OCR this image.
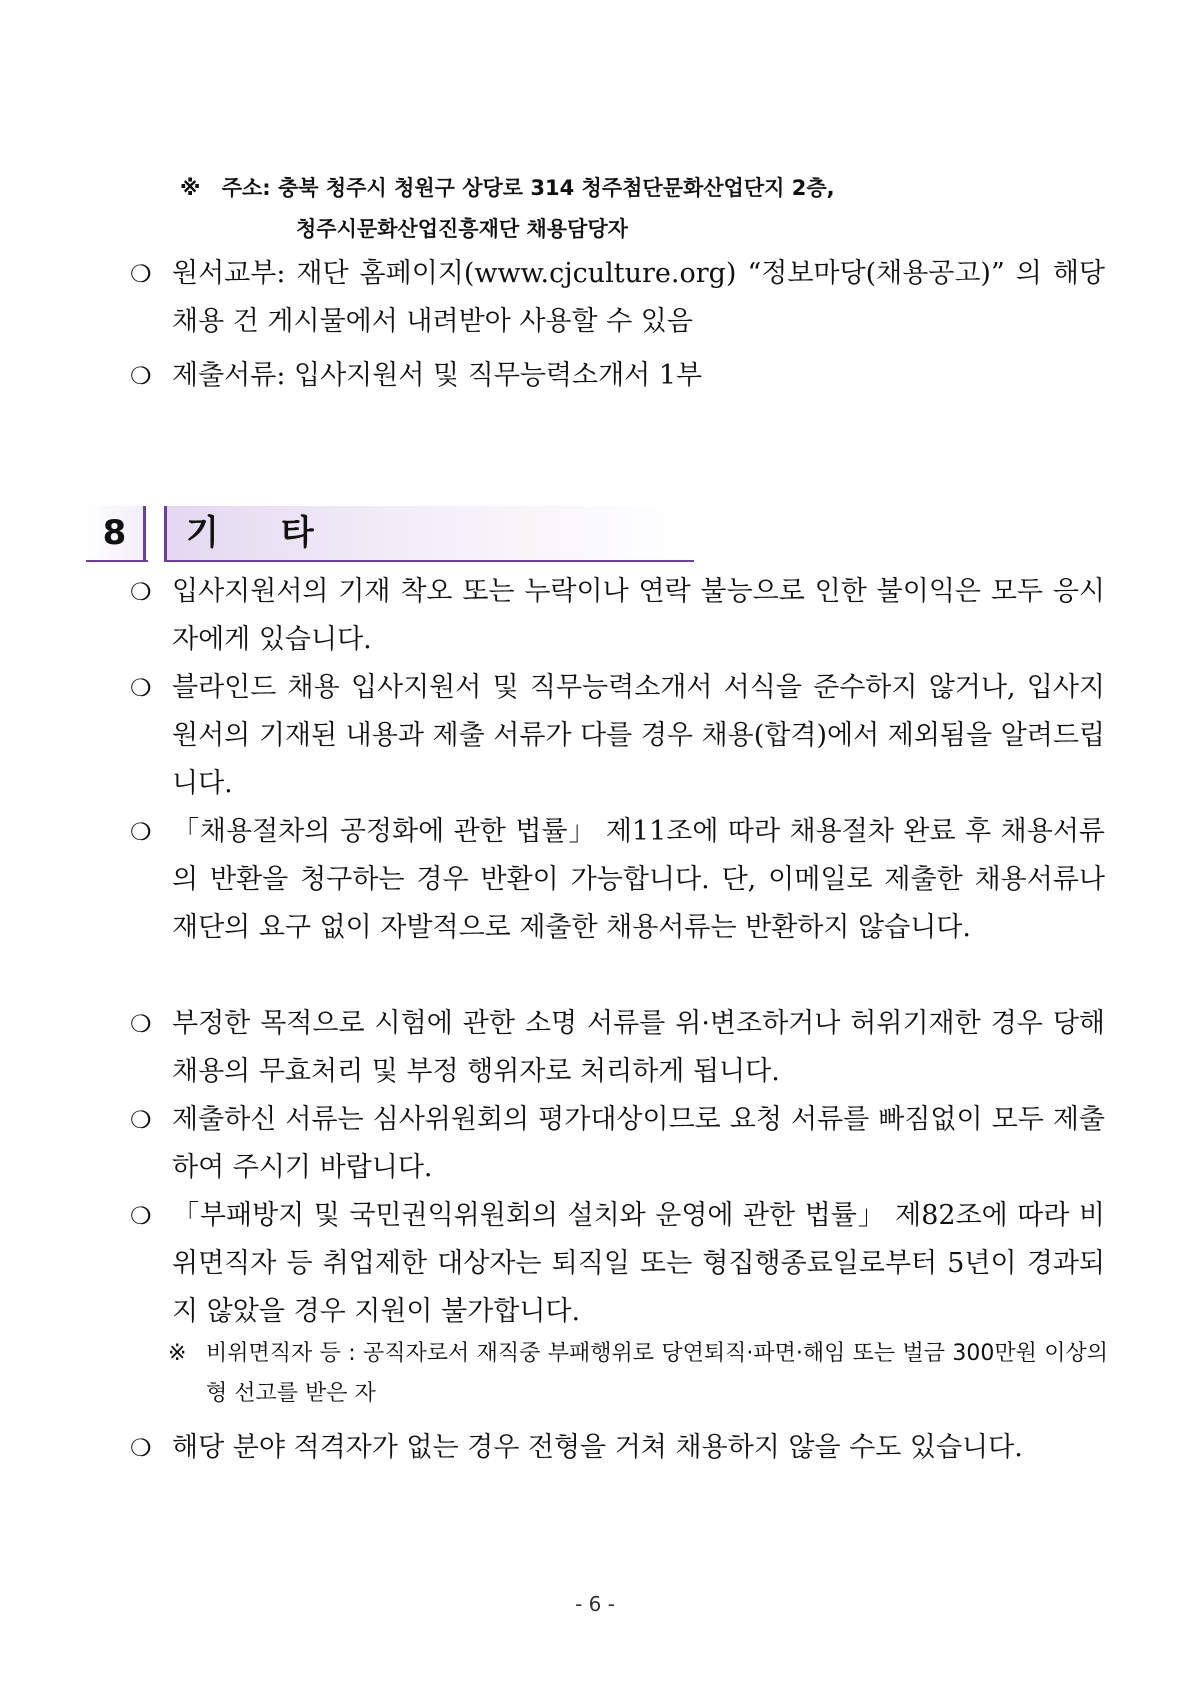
※ 주소: 충북 청주시 청원구 상당로 314 청주첨단문화산업단지 2층,
청주시문화산업진흥재단 채용담당자
❍ 원서교부: 재단 홈페이지(www.cjculture.org) “정보마당(채용공고)” 의 해당 채용 건 게시물에서 내려받아 사용할 수 있음
❍ 제출서류: 입사지원서 및 직무능력소개서 1부
8	기타
❍ 입사지원서의 기재 착오 또는 누락이나 연락 불능으로 인한 불이익은 모두 응시자에게 있습니다.
❍ 블라인드 채용 입사지원서 및 직무능력소개서 서식을 준수하지 않거나, 입사지원서의 기재된 내용과 제출 서류가 다를 경우 채용(합격)에서 제외됨을 알려드립니다.
❍ 「채용절차의 공정화에 관한 법률」 제11조에 따라 채용절차 완료 후 채용서류의 반환을 청구하는 경우 반환이 가능합니다. 단, 이메일로 제출한 채용서류나 재단의 요구 없이 자발적으로 제출한 채용서류는 반환하지 않습니다.
❍ 부정한 목적으로 시험에 관한 소명 서류를 위·변조하거나 허위기재한 경우 당해 채용의 무효처리 및 부정 행위자로 처리하게 됩니다.
❍ 제출하신 서류는 심사위원회의 평가대상이므로 요청 서류를 빠짐없이 모두 제출하여 주시기 바랍니다.
❍ 「부패방지 및 국민권익위원회의 설치와 운영에 관한 법률」 제82조에 따라 비위면직자 등 취업제한 대상자는 퇴직일 또는 형집행종료일로부터 5년이 경과되지 않았을 경우 지원이 불가합니다.
※ 비위면직자 등 : 공직자로서 재직중 부패행위로 당연퇴직·파면·해임 또는 벌금 300만원 이상의 형 선고를 받은 자
❍ 해당 분야 적격자가 없는 경우 전형을 거쳐 채용하지 않을 수도 있습니다.
- 6 -
